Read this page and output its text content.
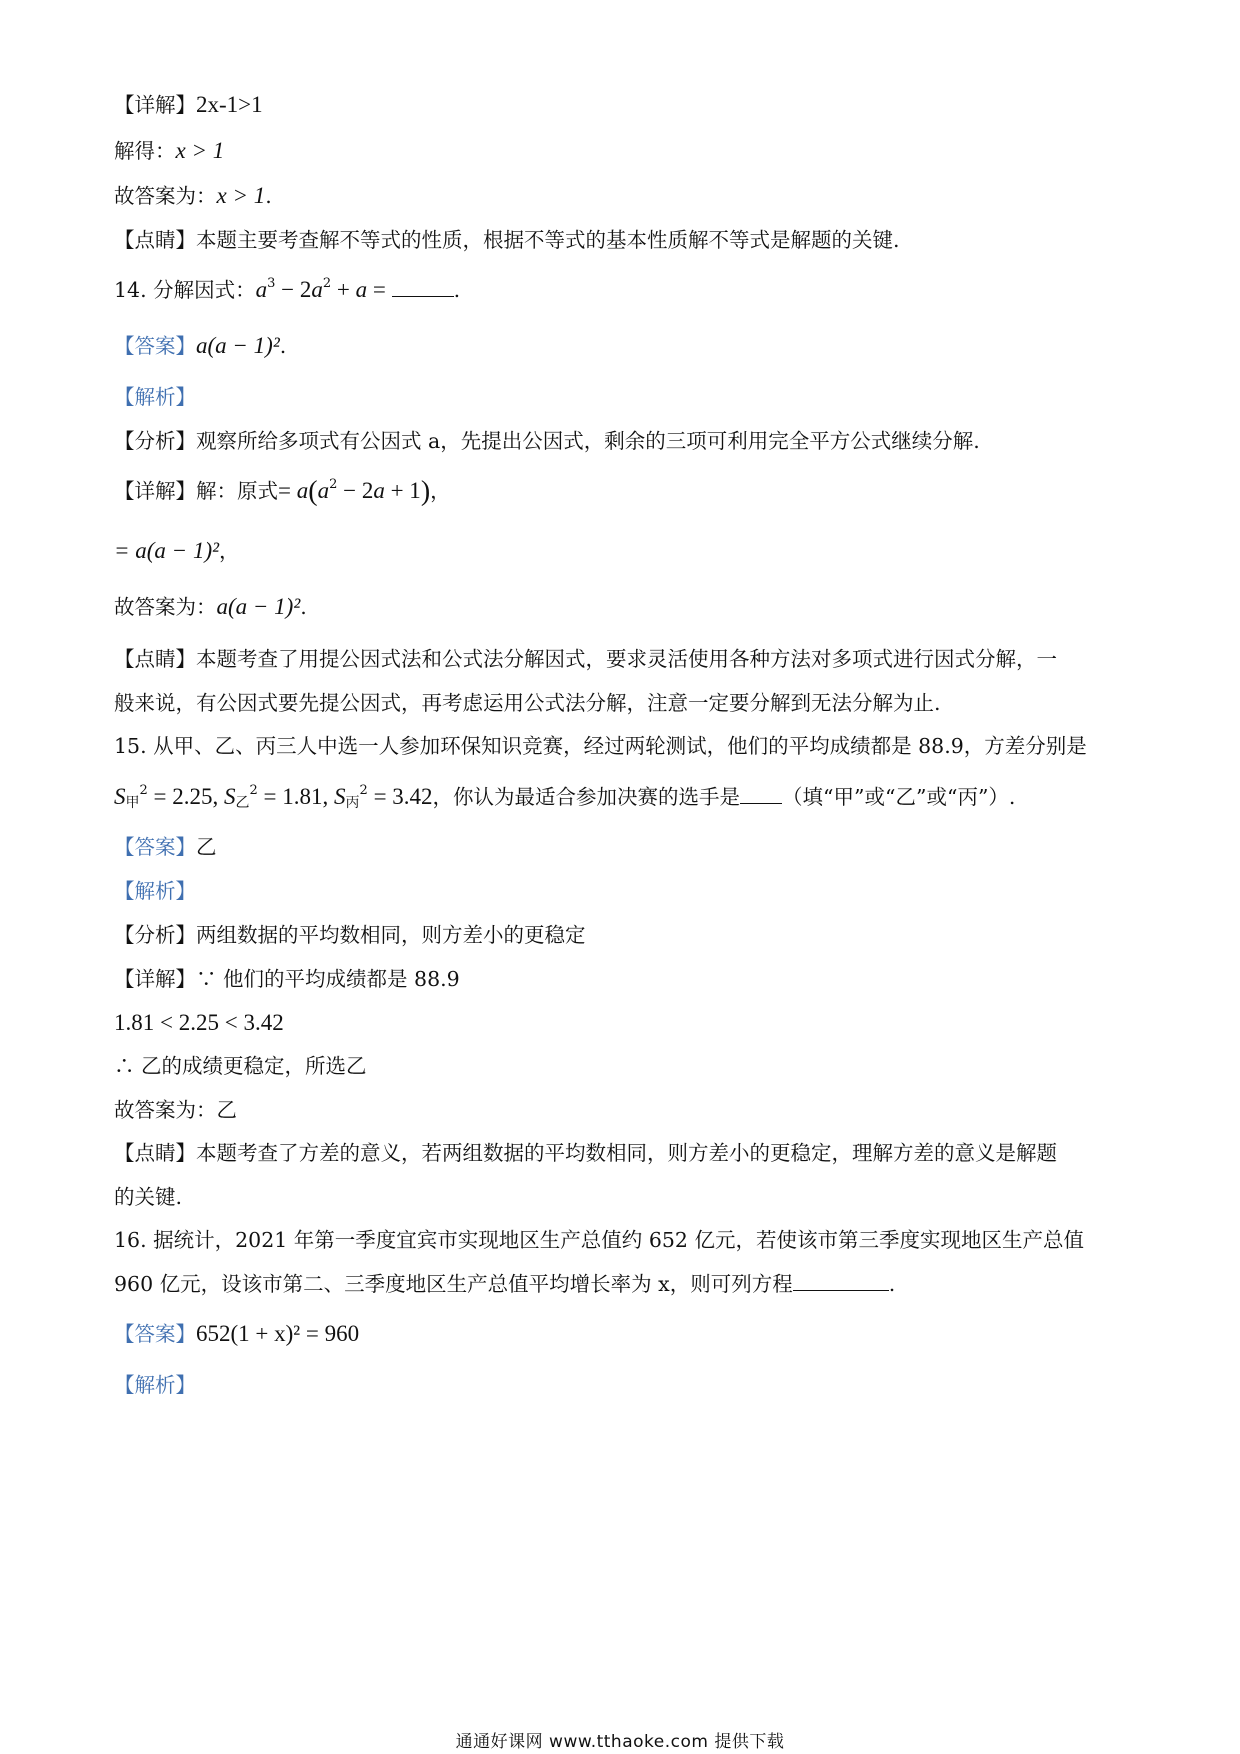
【详解】2x-1>1
解得：x > 1
故答案为：x > 1.
【点睛】本题主要考查解不等式的性质，根据不等式的基本性质解不等式是解题的关键.
14. 分解因式：$a^3 - 2a^2 + a$ =	.
【答案】a(a − 1)².
【解析】
【分析】观察所给多项式有公因式 a，先提出公因式，剩余的三项可利用完全平方公式继续分解.
【详解】解：原式= $a(a^2 - 2a + 1)$，
= a(a − 1)²，
故答案为：a(a − 1)².
【点睛】本题考查了用提公因式法和公式法分解因式，要求灵活使用各种方法对多项式进行因式分解，一
般来说，有公因式要先提公因式，再考虑运用公式法分解，注意一定要分解到无法分解为止.
15. 从甲、乙、丙三人中选一人参加环保知识竞赛，经过两轮测试，他们的平均成绩都是 88.9，方差分别是
$S_甲^2 = 2.25$, $S_乙^2 = 1.81$, $S_丙^2 = 3.42$，你认为最适合参加决赛的选手是 （填“甲”或“乙”或“丙”）.
【答案】乙
【解析】
【分析】两组数据的平均数相同，则方差小的更稳定
【详解】∵ 他们的平均成绩都是 88.9
1.81 < 2.25 < 3.42
∴ 乙的成绩更稳定，所选乙
故答案为：乙
【点睛】本题考查了方差的意义，若两组数据的平均数相同，则方差小的更稳定，理解方差的意义是解题
的关键.
16. 据统计，2021 年第一季度宜宾市实现地区生产总值约 652 亿元，若使该市第三季度实现地区生产总值
960 亿元，设该市第二、三季度地区生产总值平均增长率为 x，则可列方程	.
【答案】652(1 + x)² = 960
【解析】
通通好课网 www.tthaoke.com 提供下载
